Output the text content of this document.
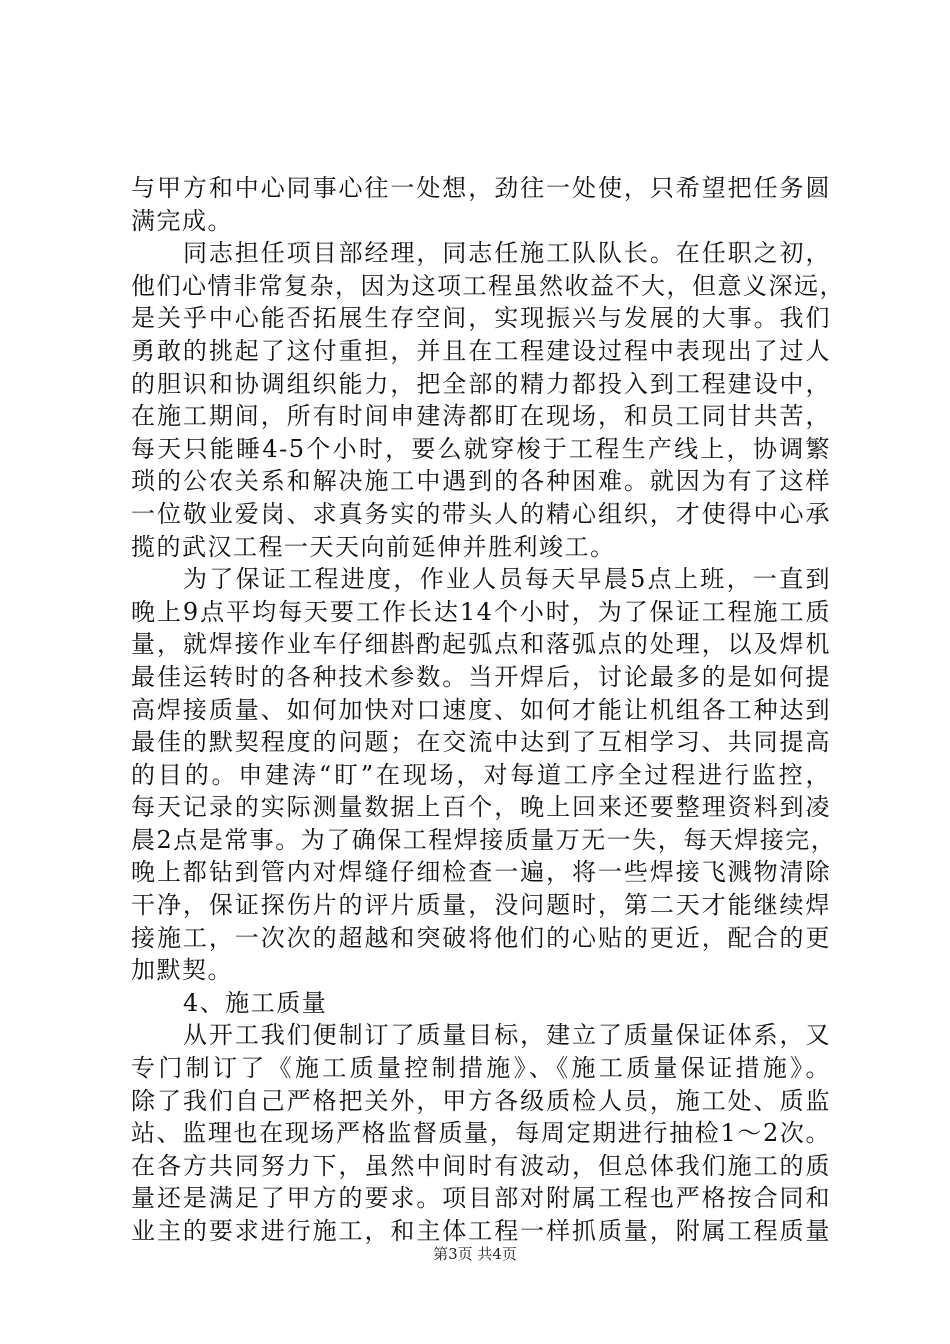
与甲方和中心同事心往一处想，劲往一处使，只希望把任务圆
满完成。
同志担任项目部经理，同志任施工队队长。在任职之初，
他们心情非常复杂，因为这项工程虽然收益不大，但意义深远，
是关乎中心能否拓展生存空间，实现振兴与发展的大事。我们
勇敢的挑起了这付重担，并且在工程建设过程中表现出了过人
的胆识和协调组织能力，把全部的精力都投入到工程建设中，
在施工期间，所有时间申建涛都盯在现场，和员工同甘共苦，
每天只能睡4-5个小时，要么就穿梭于工程生产线上，协调繁
琐的公农关系和解决施工中遇到的各种困难。就因为有了这样
一位敬业爱岗、求真务实的带头人的精心组织，才使得中心承
揽的武汉工程一天天向前延伸并胜利竣工。
为了保证工程进度，作业人员每天早晨5点上班，一直到
晚上9点平均每天要工作长达14个小时，为了保证工程施工质
量，就焊接作业车仔细斟酌起弧点和落弧点的处理，以及焊机
最佳运转时的各种技术参数。当开焊后，讨论最多的是如何提
高焊接质量、如何加快对口速度、如何才能让机组各工种达到
最佳的默契程度的问题；在交流中达到了互相学习、共同提高
的目的。申建涛“盯”在现场，对每道工序全过程进行监控，
每天记录的实际测量数据上百个，晚上回来还要整理资料到凌
晨2点是常事。为了确保工程焊接质量万无一失，每天焊接完，
晚上都钻到管内对焊缝仔细检查一遍，将一些焊接飞溅物清除
干净，保证探伤片的评片质量，没问题时，第二天才能继续焊
接施工，一次次的超越和突破将他们的心贴的更近，配合的更
加默契。
4、施工质量
从开工我们便制订了质量目标，建立了质量保证体系，又
专门制订了《施工质量控制措施》、《施工质量保证措施》。
除了我们自己严格把关外，甲方各级质检人员，施工处、质监
站、监理也在现场严格监督质量，每周定期进行抽检1～2次。
在各方共同努力下，虽然中间时有波动，但总体我们施工的质
量还是满足了甲方的要求。项目部对附属工程也严格按合同和
业主的要求进行施工，和主体工程一样抓质量，附属工程质量
第3页 共4页
